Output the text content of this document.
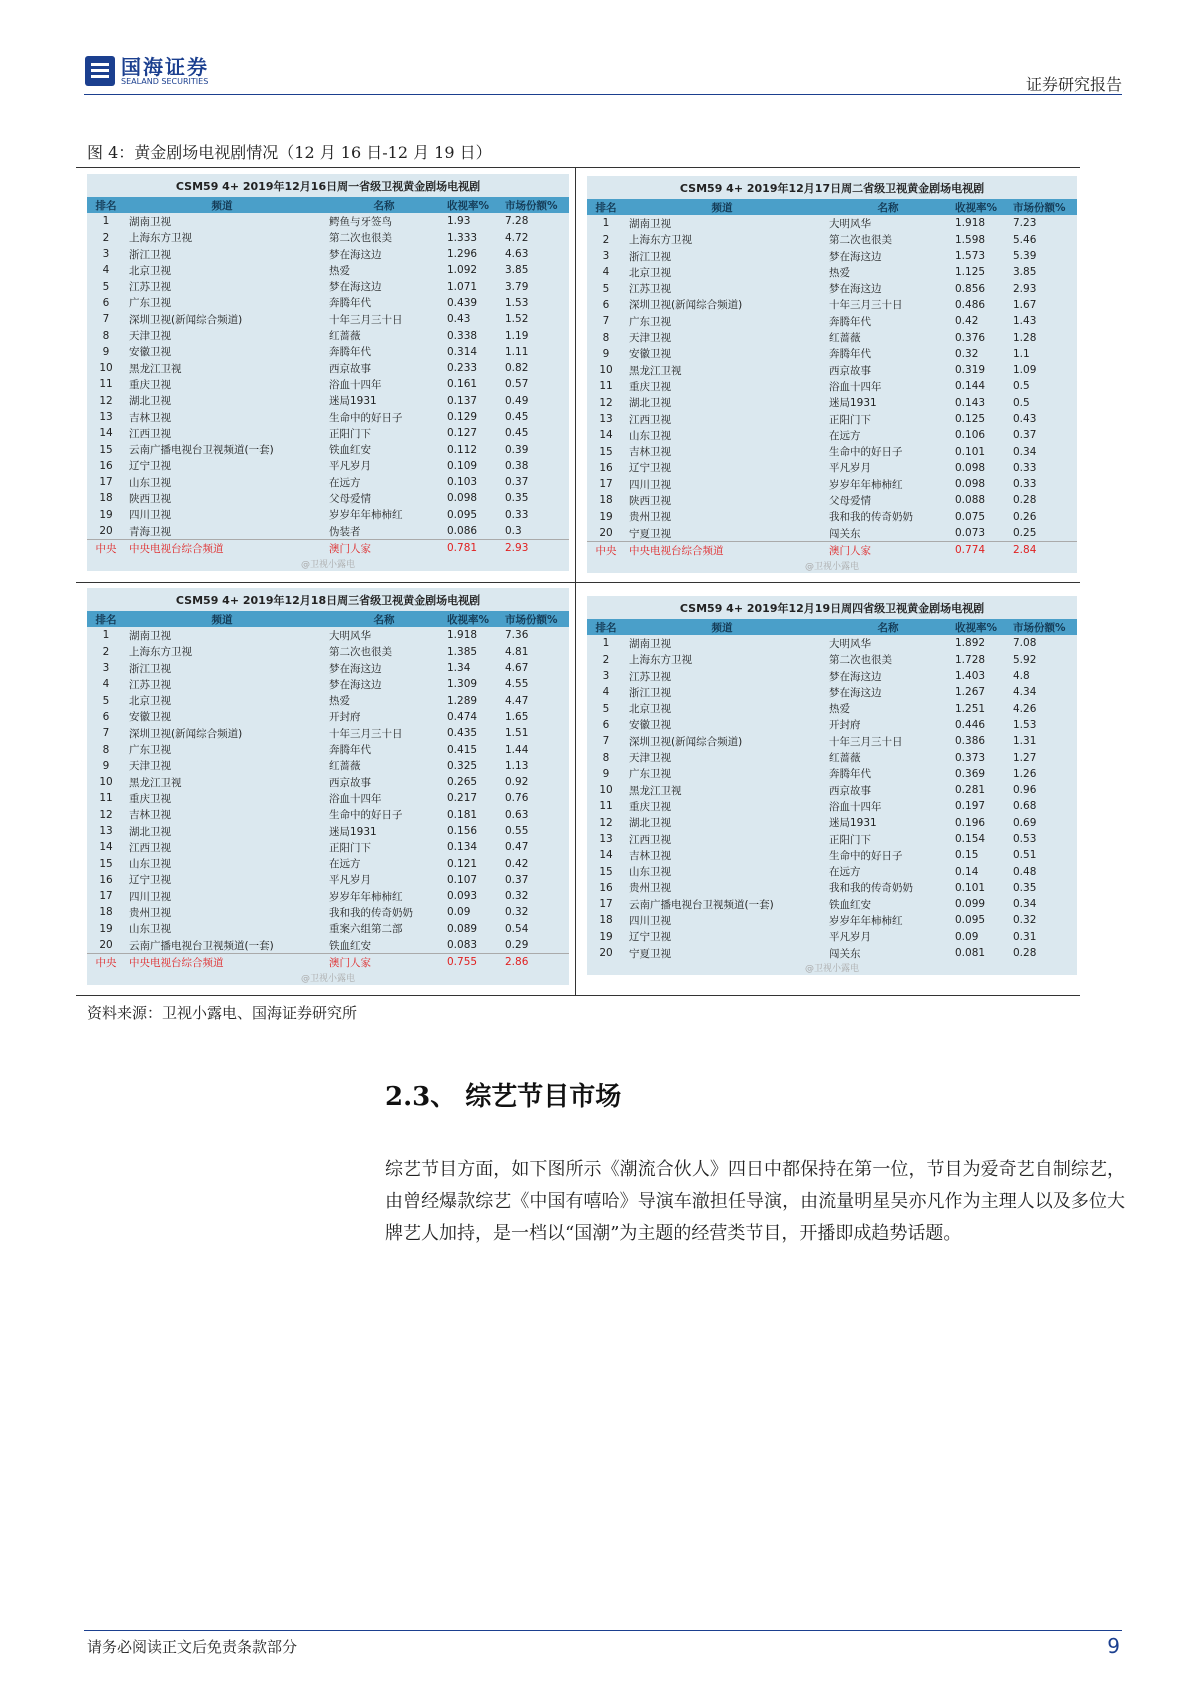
国海证券
SEALAND SECURITIES	证券研究报告
图 4：黄金剧场电视剧情况（12 月 16 日-12 月 19 日）
CSM59 4+ 2019年12月16日周一省级卫视黄金剧场电视剧
排名	频道	名称	收视率%	市场份额%
1	湖南卫视	鳄鱼与牙签鸟	1.93	7.28
2	上海东方卫视	第二次也很美	1.333	4.72
3	浙江卫视	梦在海这边	1.296	4.63
4	北京卫视	热爱	1.092	3.85
5	江苏卫视	梦在海这边	1.071	3.79
6	广东卫视	奔腾年代	0.439	1.53
7	深圳卫视(新闻综合频道)	十年三月三十日	0.43	1.52
8	天津卫视	红蔷薇	0.338	1.19
9	安徽卫视	奔腾年代	0.314	1.11
10	黑龙江卫视	西京故事	0.233	0.82
11	重庆卫视	浴血十四年	0.161	0.57
12	湖北卫视	迷局1931	0.137	0.49
13	吉林卫视	生命中的好日子	0.129	0.45
14	江西卫视	正阳门下	0.127	0.45
15	云南广播电视台卫视频道(一套)	铁血红安	0.112	0.39
16	辽宁卫视	平凡岁月	0.109	0.38
17	山东卫视	在远方	0.103	0.37
18	陕西卫视	父母爱情	0.098	0.35
19	四川卫视	岁岁年年柿柿红	0.095	0.33
20	青海卫视	伪装者	0.086	0.3
中央	中央电视台综合频道	澳门人家	0.781	2.93
@卫视小露电
CSM59 4+ 2019年12月17日周二省级卫视黄金剧场电视剧
排名	频道	名称	收视率%	市场份额%
1	湖南卫视	大明风华	1.918	7.23
2	上海东方卫视	第二次也很美	1.598	5.46
3	浙江卫视	梦在海这边	1.573	5.39
4	北京卫视	热爱	1.125	3.85
5	江苏卫视	梦在海这边	0.856	2.93
6	深圳卫视(新闻综合频道)	十年三月三十日	0.486	1.67
7	广东卫视	奔腾年代	0.42	1.43
8	天津卫视	红蔷薇	0.376	1.28
9	安徽卫视	奔腾年代	0.32	1.1
10	黑龙江卫视	西京故事	0.319	1.09
11	重庆卫视	浴血十四年	0.144	0.5
12	湖北卫视	迷局1931	0.143	0.5
13	江西卫视	正阳门下	0.125	0.43
14	山东卫视	在远方	0.106	0.37
15	吉林卫视	生命中的好日子	0.101	0.34
16	辽宁卫视	平凡岁月	0.098	0.33
17	四川卫视	岁岁年年柿柿红	0.098	0.33
18	陕西卫视	父母爱情	0.088	0.28
19	贵州卫视	我和我的传奇奶奶	0.075	0.26
20	宁夏卫视	闯关东	0.073	0.25
中央	中央电视台综合频道	澳门人家	0.774	2.84
@卫视小露电
CSM59 4+ 2019年12月18日周三省级卫视黄金剧场电视剧
排名	频道	名称	收视率%	市场份额%
1	湖南卫视	大明风华	1.918	7.36
2	上海东方卫视	第二次也很美	1.385	4.81
3	浙江卫视	梦在海这边	1.34	4.67
4	江苏卫视	梦在海这边	1.309	4.55
5	北京卫视	热爱	1.289	4.47
6	安徽卫视	开封府	0.474	1.65
7	深圳卫视(新闻综合频道)	十年三月三十日	0.435	1.51
8	广东卫视	奔腾年代	0.415	1.44
9	天津卫视	红蔷薇	0.325	1.13
10	黑龙江卫视	西京故事	0.265	0.92
11	重庆卫视	浴血十四年	0.217	0.76
12	吉林卫视	生命中的好日子	0.181	0.63
13	湖北卫视	迷局1931	0.156	0.55
14	江西卫视	正阳门下	0.134	0.47
15	山东卫视	在远方	0.121	0.42
16	辽宁卫视	平凡岁月	0.107	0.37
17	四川卫视	岁岁年年柿柿红	0.093	0.32
18	贵州卫视	我和我的传奇奶奶	0.09	0.32
19	山东卫视	重案六组第二部	0.089	0.54
20	云南广播电视台卫视频道(一套)	铁血红安	0.083	0.29
中央	中央电视台综合频道	澳门人家	0.755	2.86
@卫视小露电
CSM59 4+ 2019年12月19日周四省级卫视黄金剧场电视剧
排名	频道	名称	收视率%	市场份额%
1	湖南卫视	大明风华	1.892	7.08
2	上海东方卫视	第二次也很美	1.728	5.92
3	江苏卫视	梦在海这边	1.403	4.8
4	浙江卫视	梦在海这边	1.267	4.34
5	北京卫视	热爱	1.251	4.26
6	安徽卫视	开封府	0.446	1.53
7	深圳卫视(新闻综合频道)	十年三月三十日	0.386	1.31
8	天津卫视	红蔷薇	0.373	1.27
9	广东卫视	奔腾年代	0.369	1.26
10	黑龙江卫视	西京故事	0.281	0.96
11	重庆卫视	浴血十四年	0.197	0.68
12	湖北卫视	迷局1931	0.196	0.69
13	江西卫视	正阳门下	0.154	0.53
14	吉林卫视	生命中的好日子	0.15	0.51
15	山东卫视	在远方	0.14	0.48
16	贵州卫视	我和我的传奇奶奶	0.101	0.35
17	云南广播电视台卫视频道(一套)	铁血红安	0.099	0.34
18	四川卫视	岁岁年年柿柿红	0.095	0.32
19	辽宁卫视	平凡岁月	0.09	0.31
20	宁夏卫视	闯关东	0.081	0.28
@卫视小露电
资料来源：卫视小露电、国海证券研究所
2.3、 综艺节目市场
综艺节目方面，如下图所示《潮流合伙人》四日中都保持在第一位，节目为爱奇艺自制综艺，由曾经爆款综艺《中国有嘻哈》导演车澈担任导演，由流量明星吴亦凡作为主理人以及多位大牌艺人加持，是一档以“国潮”为主题的经营类节目，开播即成趋势话题。
请务必阅读正文后免责条款部分	9
